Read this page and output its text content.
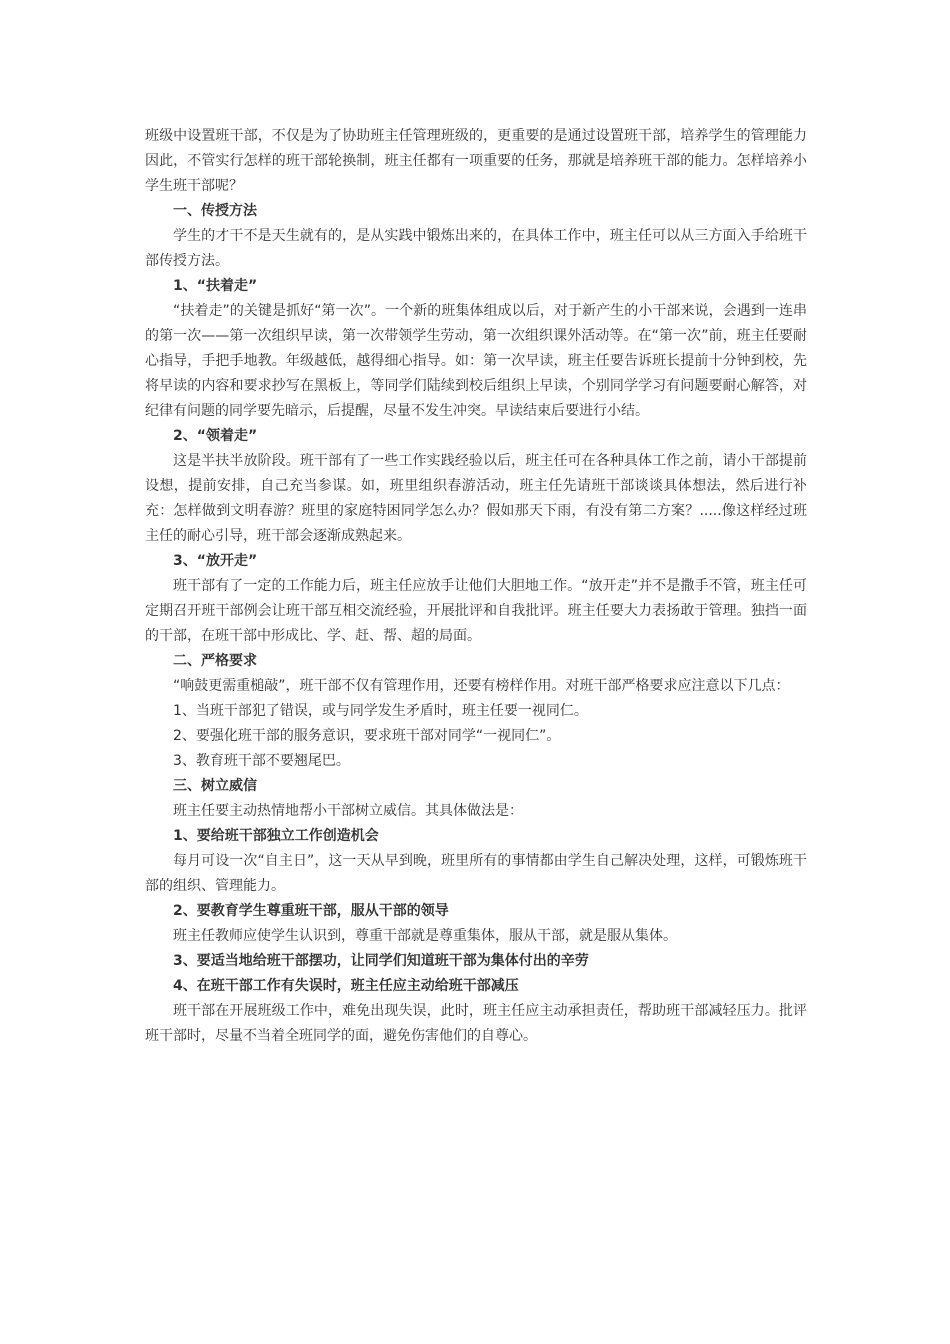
班级中设置班干部，不仅是为了协助班主任管理班级的，更重要的是通过设置班干部，培养学生的管理能力因此，不管实行怎样的班干部轮换制，班主任都有一项重要的任务，那就是培养班干部的能力。怎样培养小学生班干部呢？

一、传授方法

学生的才干不是天生就有的，是从实践中锻炼出来的，在具体工作中，班主任可以从三方面入手给班干部传授方法。

1、“扶着走”

“扶着走”的关键是抓好“第一次”。一个新的班集体组成以后，对于新产生的小干部来说，会遇到一连串的第一次——第一次组织早读，第一次带领学生劳动，第一次组织课外活动等。在“第一次”前，班主任要耐心指导，手把手地教。年级越低，越得细心指导。如：第一次早读，班主任要告诉班长提前十分钟到校，先将早读的内容和要求抄写在黑板上，等同学们陆续到校后组织上早读，个别同学学习有问题要耐心解答，对纪律有问题的同学要先暗示，后提醒，尽量不发生冲突。早读结束后要进行小结。

2、“领着走”

这是半扶半放阶段。班干部有了一些工作实践经验以后，班主任可在各种具体工作之前，请小干部提前设想，提前安排，自己充当参谋。如，班里组织春游活动，班主任先请班干部谈谈具体想法，然后进行补充：怎样做到文明春游？班里的家庭特困同学怎么办？假如那天下雨，有没有第二方案？.....像这样经过班主任的耐心引导，班干部会逐渐成熟起来。

3、“放开走”

班干部有了一定的工作能力后，班主任应放手让他们大胆地工作。“放开走”并不是撒手不管，班主任可定期召开班干部例会让班干部互相交流经验，开展批评和自我批评。班主任要大力表扬敢于管理。独挡一面的干部，在班干部中形成比、学、赶、帮、超的局面。

二、严格要求

“响鼓更需重槌敲”，班干部不仅有管理作用，还要有榜样作用。对班干部严格要求应注意以下几点：

1、当班干部犯了错误，或与同学发生矛盾时，班主任要一视同仁。

2、要强化班干部的服务意识，要求班干部对同学“一视同仁”。

3、教育班干部不要翘尾巴。

三、树立威信

班主任要主动热情地帮小干部树立威信。其具体做法是：

1、要给班干部独立工作创造机会

每月可设一次“自主日”，这一天从早到晚，班里所有的事情都由学生自己解决处理，这样，可锻炼班干部的组织、管理能力。

2、要教育学生尊重班干部，服从干部的领导

班主任教师应使学生认识到，尊重干部就是尊重集体，服从干部，就是服从集体。

3、要适当地给班干部摆功，让同学们知道班干部为集体付出的辛劳

4、在班干部工作有失误时，班主任应主动给班干部减压

班干部在开展班级工作中，难免出现失误，此时，班主任应主动承担责任，帮助班干部减轻压力。批评班干部时，尽量不当着全班同学的面，避免伤害他们的自尊心。
